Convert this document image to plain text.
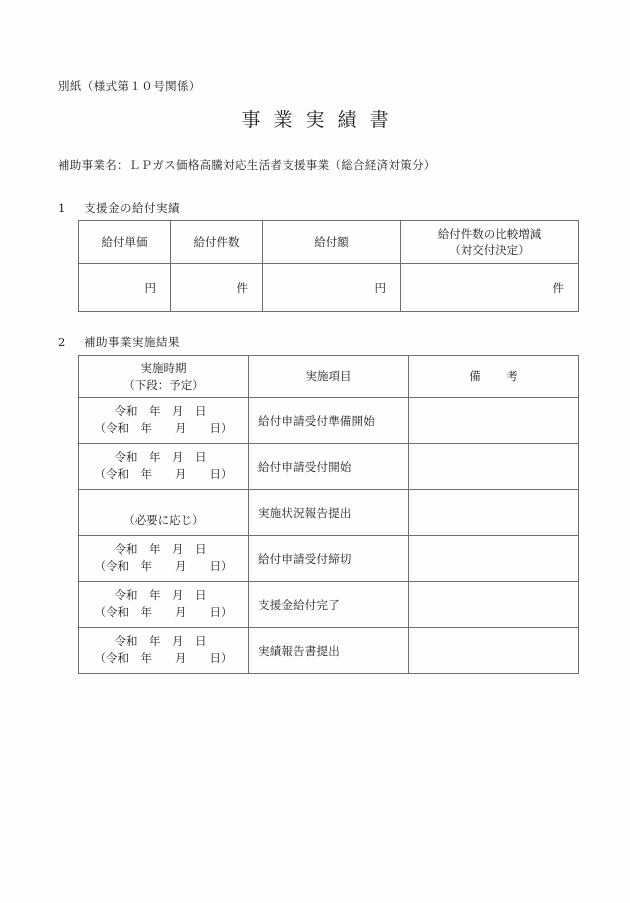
別紙（様式第１０号関係）
事業実績書
補助事業名：ＬＰガス価格高騰対応生活者支援事業（総合経済対策分）
1 支援金の給付実績
給付単価	給付件数	給付額	給付件数の比較増減
（対交付決定）

円	件	円	件
2 補助事業実施結果
実施時期
（下段：予定）	実施項目	備　考

令和　年　月　日
（令和　年　　月　　日）	給付申請受付準備開始	

令和　年　月　日
（令和　年　　月　　日）	給付申請受付開始	

（必要に応じ）	実施状況報告提出	

令和　年　月　日
（令和　年　　月　　日）	給付申請受付締切	

令和　年　月　日
（令和　年　　月　　日）	支援金給付完了	

令和　年　月　日
（令和　年　　月　　日）	実績報告書提出	
